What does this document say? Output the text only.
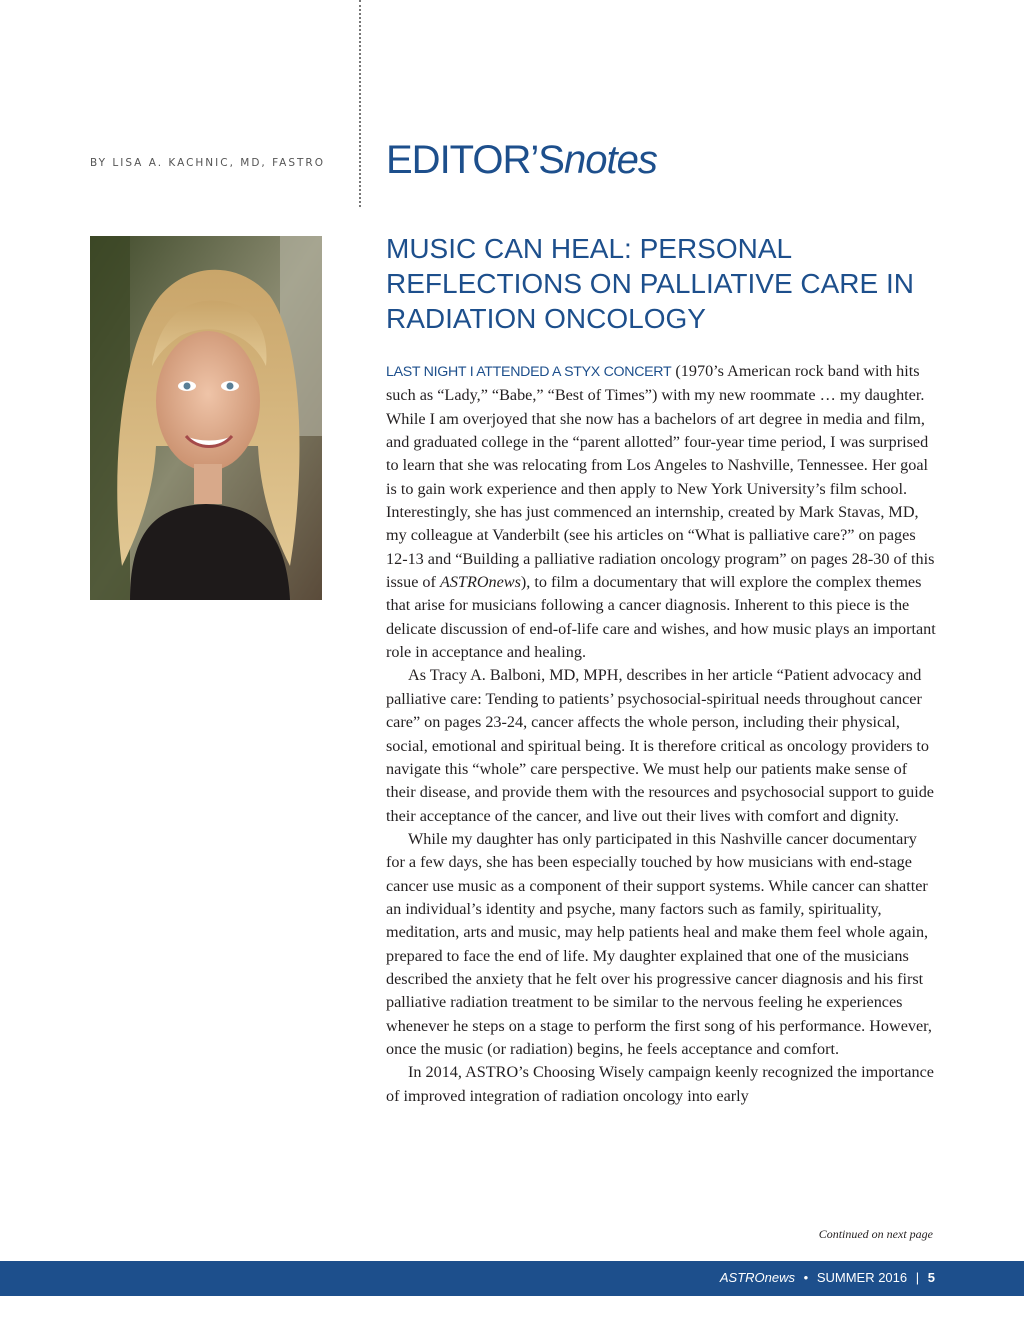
BY LISA A. KACHNIC, MD, FASTRO EDITOR’Snotes
MUSIC CAN HEAL: PERSONAL REFLECTIONS ON PALLIATIVE CARE IN RADIATION ONCOLOGY

LAST NIGHT I ATTENDED A STYX CONCERT (1970’s American rock band with hits such as “Lady,” “Babe,” “Best of Times”) with my new roommate … my daughter. While I am overjoyed that she now has a bachelors of art degree in media and film, and graduated college in the “parent allotted” four-year time period, I was surprised to learn that she was relocating from Los Angeles to Nashville, Tennessee. Her goal is to gain work experience and then apply to New York University’s film school. Interestingly, she has just commenced an internship, created by Mark Stavas, MD, my colleague at Vanderbilt (see his articles on “What is palliative care?” on pages 12-13 and “Building a palliative radiation oncology program” on pages 28-30 of this issue of ASTROnews), to film a documentary that will explore the complex themes that arise for musicians following a cancer diagnosis. Inherent to this piece is the delicate discussion of end-of-life care and wishes, and how music plays an important role in acceptance and healing.

As Tracy A. Balboni, MD, MPH, describes in her article “Patient advocacy and palliative care: Tending to patients’ psychosocial-spiritual needs throughout cancer care” on pages 23-24, cancer affects the whole person, including their physical, social, emotional and spiritual being. It is therefore critical as oncology providers to navigate this “whole” care perspective. We must help our patients make sense of their disease, and provide them with the resources and psychosocial support to guide their acceptance of the cancer, and live out their lives with comfort and dignity.

While my daughter has only participated in this Nashville cancer documentary for a few days, she has been especially touched by how musicians with end-stage cancer use music as a component of their support systems. While cancer can shatter an individual’s identity and psyche, many factors such as family, spirituality, meditation, arts and music, may help patients heal and make them feel whole again, prepared to face the end of life. My daughter explained that one of the musicians described the anxiety that he felt over his progressive cancer diagnosis and his first palliative radiation treatment to be similar to the nervous feeling he experiences whenever he steps on a stage to perform the first song of his performance. However, once the music (or radiation) begins, he feels acceptance and comfort.

In 2014, ASTRO’s Choosing Wisely campaign keenly recognized the importance of improved integration of radiation oncology into early

Continued on next page
ASTROnews • SUMMER 2016 | 5
